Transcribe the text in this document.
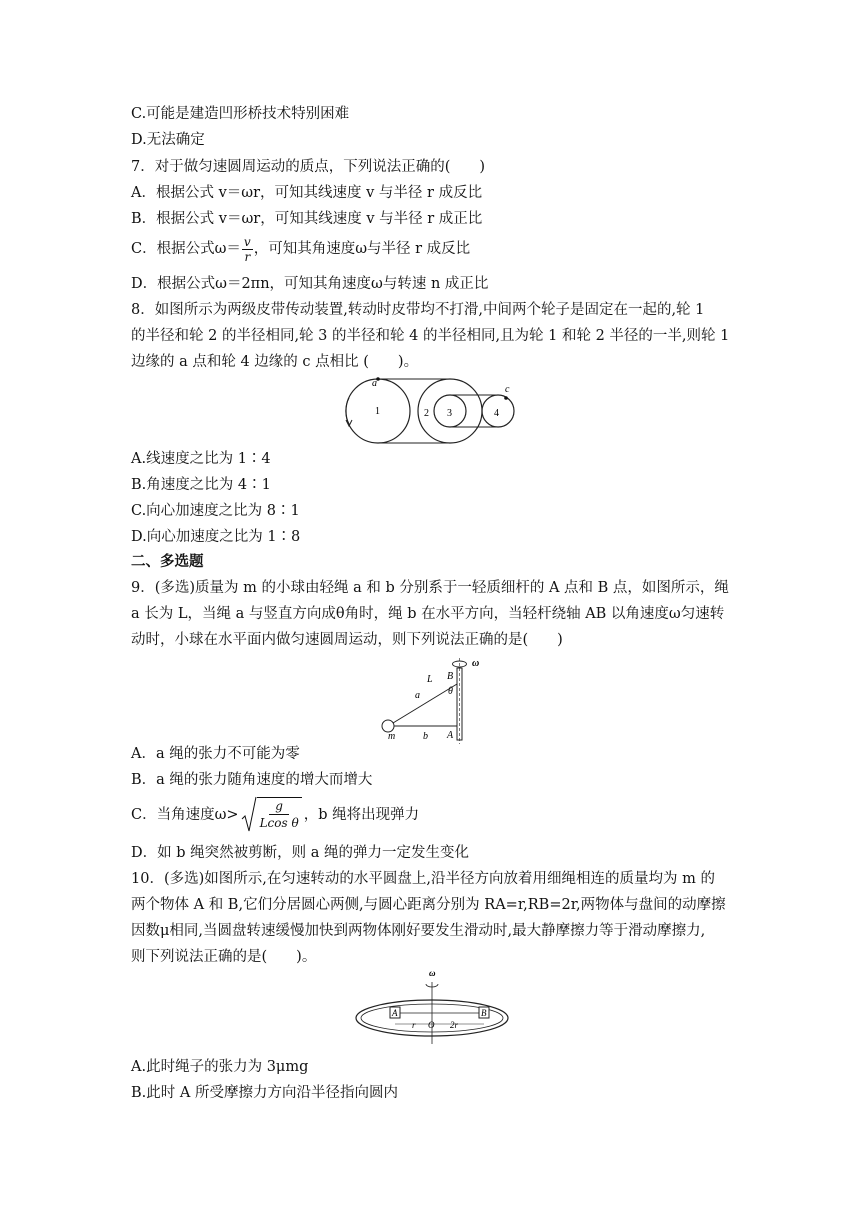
C.可能是建造凹形桥技术特别困难
D.无法确定
7．对于做匀速圆周运动的质点，下列说法正确的(　　)
A．根据公式 v＝ωr，可知其线速度 v 与半径 r 成反比
B．根据公式 v＝ωr，可知其线速度 v 与半径 r 成正比
C．根据公式$\omega= \frac{v}{r}$ ，可知其角速度ω与半径 r 成反比
D．根据公式ω＝2πn，可知其角速度ω与转速 n 成正比
8．如图所示为两级皮带传动装置,转动时皮带均不打滑,中间两个轮子是固定在一起的,轮 1
的半径和轮 2 的半径相同,轮 3 的半径和轮 4 的半径相同,且为轮 1 和轮 2 半径的一半,则轮 1
边缘的 a 点和轮 4 边缘的 c 点相比 (　　)。
a
c
1	2 3	4
A.线速度之比为 1∶4
B.角速度之比为 4∶1
C.向心加速度之比为 8∶1
D.向心加速度之比为 1∶8
二、多选题
9．(多选)质量为 m 的小球由轻绳 a 和 b 分别系于一轻质细杆的 A 点和 B 点，如图所示，绳
a 长为 L，当绳 a 与竖直方向成θ角时，绳 b 在水平方向，当轻杆绕轴 AB 以角速度ω匀速转
动时，小球在水平面内做匀速圆周运动，则下列说法正确的是(　　)
ω
L B
θ
a
m	b A
A．a 绳的张力不可能为零
B．a 绳的张力随角速度的增大而增大
C．当角速度$\omega> \frac{g}{\text{Lcos θ}}$ ，b 绳将出现弹力
D．如 b 绳突然被剪断，则 a 绳的弹力一定发生变化
10．(多选)如图所示,在匀速转动的水平圆盘上,沿半径方向放着用细绳相连的质量均为 m 的
两个物体 A 和 B,它们分居圆心两侧,与圆心距离分别为 RA=r,RB=2r,两物体与盘间的动摩擦
因数μ相同,当圆盘转速缓慢加快到两物体刚好要发生滑动时,最大静摩擦力等于滑动摩擦力,
则下列说法正确的是(　　)。
ω
A
r O 2r
B
A.此时绳子的张力为 3μmg
B.此时 A 所受摩擦力方向沿半径指向圆内
